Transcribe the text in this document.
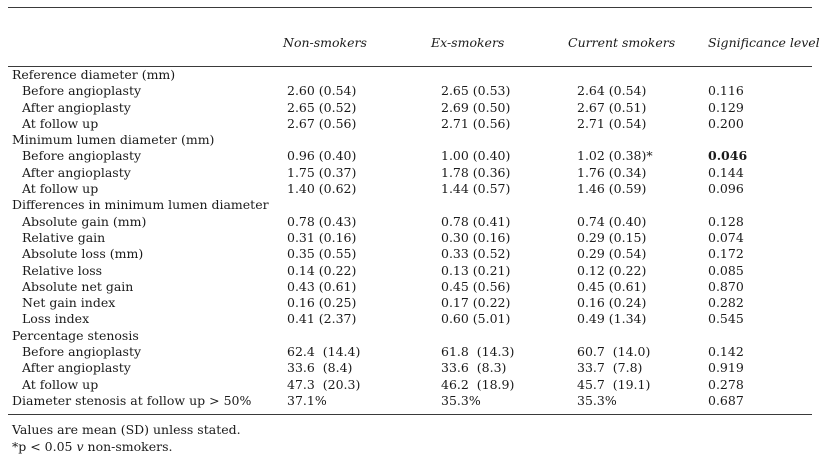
Non-smokers	Ex-smokers	Current smokers	Significance level
Reference diameter (mm)
Before angioplasty	2.60 (0.54)	2.65 (0.53)	2.64 (0.54)	0.116
After angioplasty	2.65 (0.52)	2.69 (0.50)	2.67 (0.51)	0.129
At follow up	2.67 (0.56)	2.71 (0.56)	2.71 (0.54)	0.200
Minimum lumen diameter (mm)
Before angioplasty	0.96 (0.40)	1.00 (0.40)	1.02 (0.38)*	0.046
After angioplasty	1.75 (0.37)	1.78 (0.36)	1.76 (0.34)	0.144
At follow up	1.40 (0.62)	1.44 (0.57)	1.46 (0.59)	0.096
Differences in minimum lumen diameter
Absolute gain (mm)	0.78 (0.43)	0.78 (0.41)	0.74 (0.40)	0.128
Relative gain	0.31 (0.16)	0.30 (0.16)	0.29 (0.15)	0.074
Absolute loss (mm)	0.35 (0.55)	0.33 (0.52)	0.29 (0.54)	0.172
Relative loss	0.14 (0.22)	0.13 (0.21)	0.12 (0.22)	0.085
Absolute net gain	0.43 (0.61)	0.45 (0.56)	0.45 (0.61)	0.870
Net gain index	0.16 (0.25)	0.17 (0.22)	0.16 (0.24)	0.282
Loss index	0.41 (2.37)	0.60 (5.01)	0.49 (1.34)	0.545
Percentage stenosis
Before angioplasty	62.4  (14.4)	61.8  (14.3)	60.7  (14.0)	0.142
After angioplasty	33.6  (8.4)	33.6  (8.3)	33.7  (7.8)	0.919
At follow up	47.3  (20.3)	46.2  (18.9)	45.7  (19.1)	0.278
Diameter stenosis at follow up > 50%	37.1%	35.3%	35.3%	0.687
Values are mean (SD) unless stated.
*p < 0.05 v non-smokers.
